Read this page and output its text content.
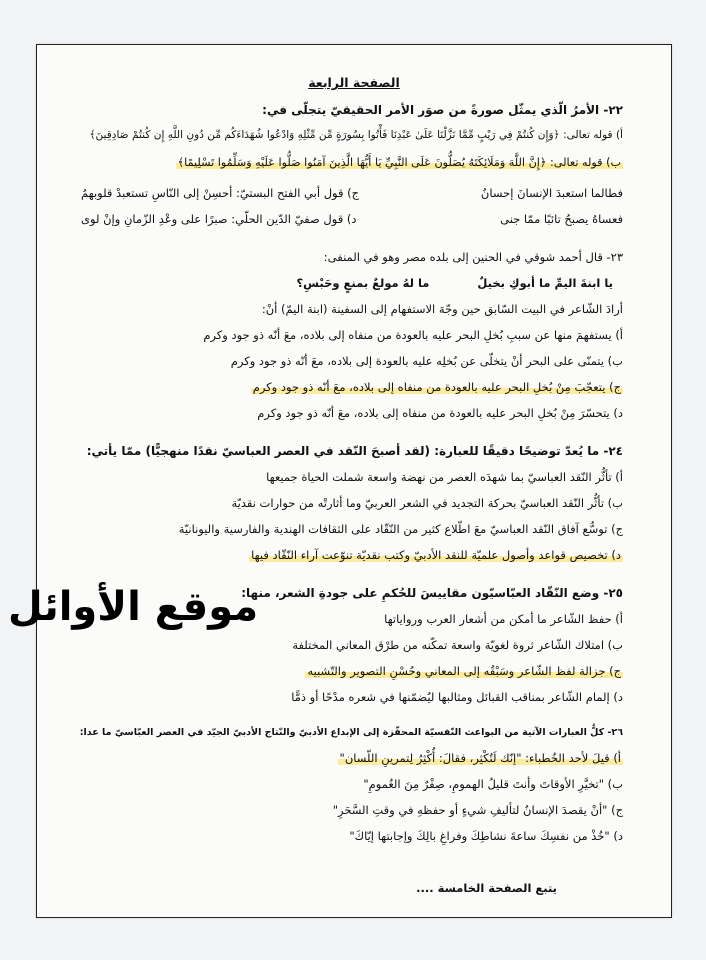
الصفحة الرابعة
٢٢- الأمرُ الّذي يمثّل صورةً من صوَر الأمر الحقيقيّ يتجلّى في:
أ) قوله تعالى: ﴿وَإِن كُنتُمْ فِي رَيْبٍ مِّمَّا نَزَّلْنَا عَلَىٰ عَبْدِنَا فَأْتُوا بِسُورَةٍ مِّن مِّثْلِهِ وَادْعُوا شُهَدَاءَكُم مِّن دُونِ اللَّهِ إِن كُنتُمْ صَادِقِينَ﴾
ب) قوله تعالى: ﴿إِنَّ اللَّهَ وَمَلَائِكَتَهُ يُصَلُّونَ عَلَى النَّبِيِّ يَا أَيُّهَا الَّذِينَ آمَنُوا صَلُّوا عَلَيْهِ وَسَلِّمُوا تَسْلِيمًا﴾
ج) قول أبي الفتح البستيّ: أحسِنْ إلى النّاسِ تستعبدْ قلوبهمُ	فطالما استعبدَ الإنسانَ إحسانُ
د) قول صفيّ الدّين الحلّي: صبرًا على وعْدِ الزّمانِ وإنْ لوى	فعساهُ يصبحُ تائبًا ممّا جنى
٢٣- قال أحمد شوقي في الحنين إلى بلده مصر وهو في المنفى:
يا ابنةَ اليمِّ ما أبوكِ بخيلٌ  ما لهُ مولعٌ بمنعٍ وحَبْسِ؟
أرادَ الشّاعر في البيت السّابق حين وجّهَ الاستفهام إلى السفينة (ابنة اليمّ) أنْ:
أ) يستفهمَ منها عن سببِ بُخلِ البحر عليه بالعودة من منفاه إلى بلاده، معَ أنّه ذو جود وكرم
ب) يتمنّى على البحر أنْ يتخلّى عن بُخلِه عليه بالعودة إلى بلاده، معَ أنّه ذو جود وكرم
ج) يتعجّبَ مِنْ بُخلِ البحر عليه بالعودة من منفاه إلى بلاده، معَ أنّه ذو جود وكرم
د) يتحسّرَ مِنْ بُخلِ البحر عليه بالعودة من منفاه إلى بلاده، معَ أنّه ذو جود وكرم
٢٤- ما يُعدّ توضيحًا دقيقًا للعبارة: (لقد أصبحَ النّقد في العصر العباسيّ نقدًا منهجيًّا) ممّا يأتي:
أ) تأثُّر النّقد العباسيّ بما شهدَه العصر من نهضة واسعة شملت الحياة جميعها
ب) تأثُّر النّقد العباسيّ بحركة التجديد في الشعر العربيّ وما أثارتْه من حوارات نقديّة
ج) توسُّع آفاق النّقد العباسيّ معَ اطّلاع كثير من النّقّاد على الثقافات الهندية والفارسية واليونانيّة
د) تخصيص قواعد وأصول علميّة للنقد الأدبيّ وكتب نقديّة تنوّعت آراء النّقّاد فيها
٢٥- وضع النّقّاد العبّاسيّون مقاييسَ للحُكمِ على جودةِ الشعر، منها:
أ) حفظ الشّاعر ما أمكن من أشعار العرب ورواياتها
ب) امتلاك الشّاعر ثروة لغويّة واسعة تمكّنه من طرْق المعاني المختلفة
ج) جزالة لفظ الشّاعر وسَبْقُه إلى المعاني وحُسْنِ التصوير والتّشبيه
د) إلمام الشّاعر بمناقب القبائل ومثالبها ليُضمّنها في شعره مدْحًا أو ذمًّا
٢٦- كلُّ العبارات الآتية من البواعث النّفسيّة المحفّزة إلى الإبداع الأدبيّ والنّتاج الأدبيّ الجيّد في العصر العبّاسيّ ما عدا:
أ) قيلَ لأحد الخُطباء: "إنّك لَتُكْثِر، فقالَ: أُكْثِرُ لِتمرينِ اللّسان"
ب) "تخيَّرِ الأوقاتَ وأنتَ قليلُ الهمومِ، صِفْرٌ مِنَ الغُمومِ"
ج) "أنْ يقصدَ الإنسانُ لتأليفِ شيءٍ أو حفظهِ في وقتِ السَّحَرِ"
د) "خُذْ من نفسِكَ ساعةَ نشاطِكَ وفراغِ بالِكَ وإجابتها إيّاكَ"
يتبع الصفحة الخامسة ....
موقع الأوائل
